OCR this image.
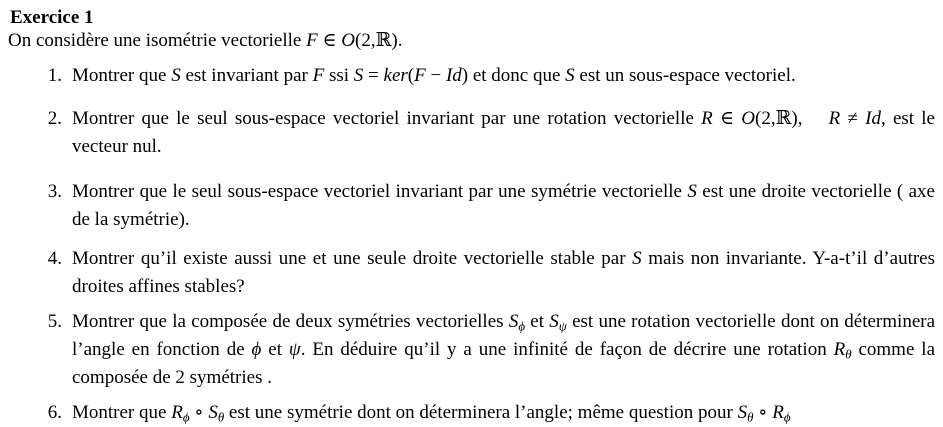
Exercice 1

On considère une isométrie vectorielle F ∈ O(2,ℝ).

1. Montrer que S est invariant par F ssi S = ker(F − Id) et donc que S est un sous-espace vectoriel.
2. Montrer que le seul sous-espace vectoriel invariant par une rotation vectorielle R ∈ O(2,ℝ),  R ≠ Id, est le vecteur nul.
3. Montrer que le seul sous-espace vectoriel invariant par une symétrie vectorielle S est une droite vectorielle ( axe de la symétrie).
4. Montrer qu’il existe aussi une et une seule droite vectorielle stable par S mais non invariante. Y-a-t’il d’autres droites affines stables?
5. Montrer que la composée de deux symétries vectorielles $S_\phi$ et $S_\psi$ est une rotation vectorielle dont on déterminera l’angle en fonction de ϕ et ψ. En déduire qu’il y a une infinité de façon de décrire une rotation $R_\theta$ comme la composée de 2 symétries .
6. Montrer que $R_\phi$ ∘ $S_\theta$ est une symétrie dont on déterminera l’angle; même question pour $S_\theta$ ∘ $R_\phi$
